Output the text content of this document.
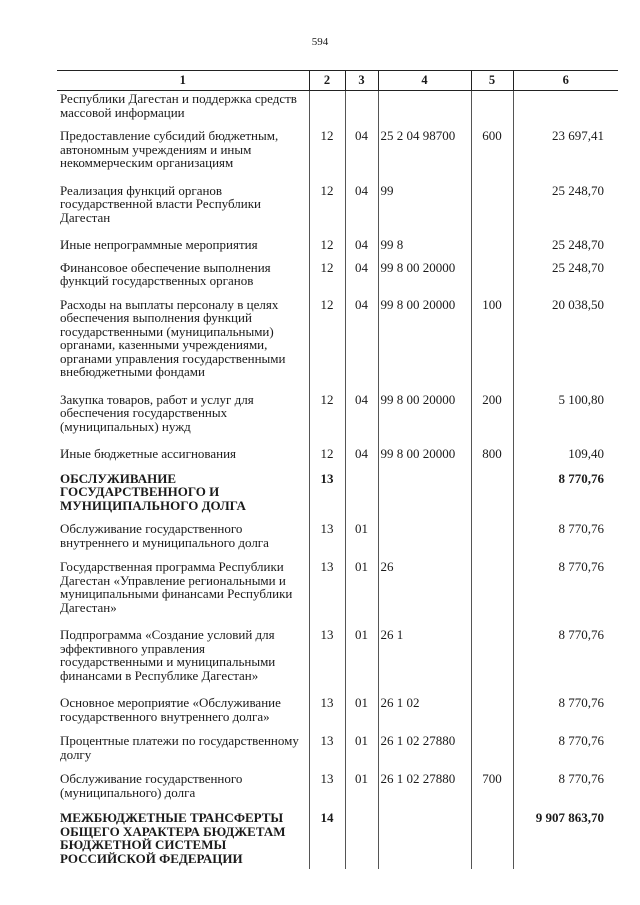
594
1	2	3	4	5	6
Республики Дагестан и поддержка средств массовой информации					
Предоставление субсидий бюджетным, автономным учреждениям и иным некоммерческим организациям	12	04	25 2 04 98700	600	23 697,41
Реализация функций органов государственной власти Республики Дагестан	12	04	99		25 248,70
Иные непрограммные мероприятия	12	04	99 8		25 248,70
Финансовое обеспечение выполнения функций государственных органов	12	04	99 8 00 20000		25 248,70
Расходы на выплаты персоналу в целях обеспечения выполнения функций государственными (муниципальными) органами, казенными учреждениями, органами управления государственными внебюджетными фондами	12	04	99 8 00 20000	100	20 038,50
Закупка товаров, работ и услуг для обеспечения государственных (муниципальных) нужд	12	04	99 8 00 20000	200	5 100,80
Иные бюджетные ассигнования	12	04	99 8 00 20000	800	109,40
ОБСЛУЖИВАНИЕ ГОСУДАРСТВЕННОГО И МУНИЦИПАЛЬНОГО ДОЛГА	13				8 770,76
Обслуживание государственного внутреннего и муниципального долга	13	01			8 770,76
Государственная программа Республики Дагестан «Управление региональными и муниципальными финансами Республики Дагестан»	13	01	26		8 770,76
Подпрограмма «Создание условий для эффективного управления государственными и муниципальными финансами в Республике Дагестан»	13	01	26 1		8 770,76
Основное мероприятие «Обслуживание государственного внутреннего долга»	13	01	26 1 02		8 770,76
Процентные платежи по государственному долгу	13	01	26 1 02 27880		8 770,76
Обслуживание государственного (муниципального) долга	13	01	26 1 02 27880	700	8 770,76
МЕЖБЮДЖЕТНЫЕ ТРАНСФЕРТЫ ОБЩЕГО ХАРАКТЕРА БЮДЖЕТАМ БЮДЖЕТНОЙ СИСТЕМЫ РОССИЙСКОЙ ФЕДЕРАЦИИ	14				9 907 863,70
